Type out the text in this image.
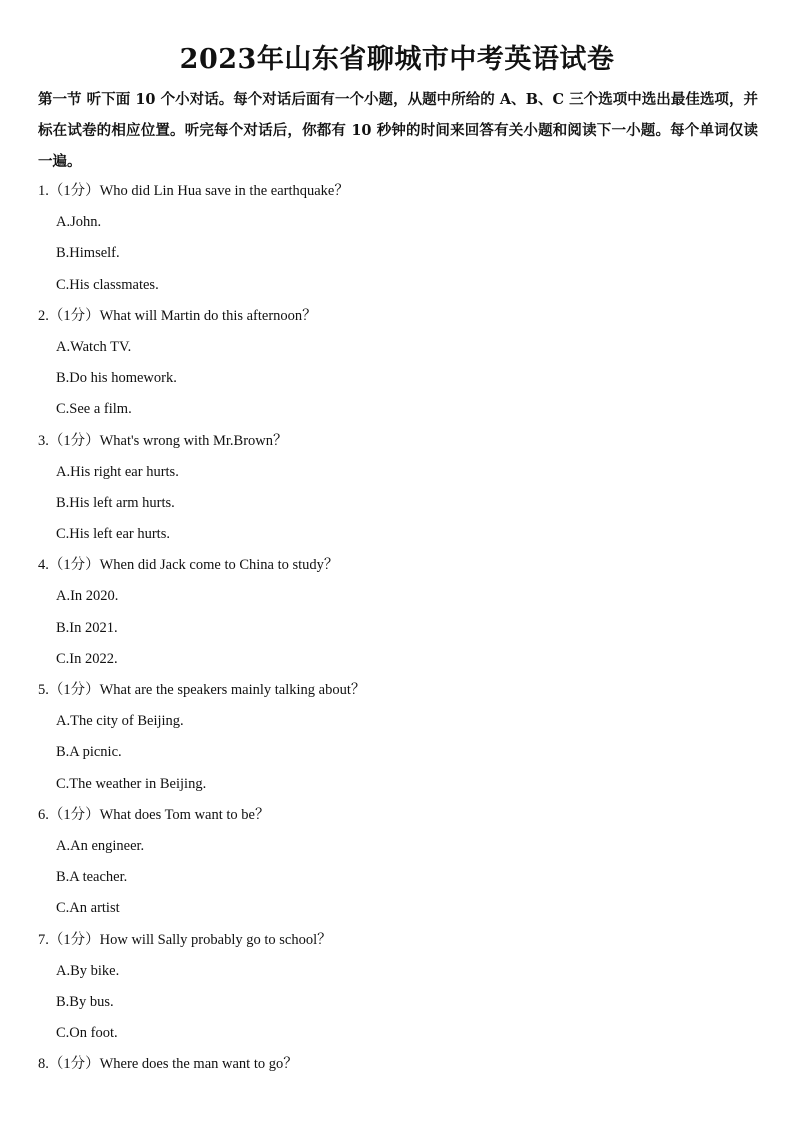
2023年山东省聊城市中考英语试卷
第一节 听下面 10 个小对话。每个对话后面有一个小题，从题中所给的 A、B、C 三个选项中选出最佳选项，并标在试卷的相应位置。听完每个对话后，你都有 10 秒钟的时间来回答有关小题和阅读下一小题。每个单词仅读一遍。
1.（1分）Who did Lin Hua save in the earthquake？
A.John.
B.Himself.
C.His classmates.
2.（1分）What will Martin do this afternoon？
A.Watch TV.
B.Do his homework.
C.See a film.
3.（1分）What's wrong with Mr.Brown？
A.His right ear hurts.
B.His left arm hurts.
C.His left ear hurts.
4.（1分）When did Jack come to China to study？
A.In 2020.
B.In 2021.
C.In 2022.
5.（1分）What are the speakers mainly talking about？
A.The city of Beijing.
B.A picnic.
C.The weather in Beijing.
6.（1分）What does Tom want to be？
A.An engineer.
B.A teacher.
C.An artist
7.（1分）How will Sally probably go to school？
A.By bike.
B.By bus.
C.On foot.
8.（1分）Where does the man want to go？
